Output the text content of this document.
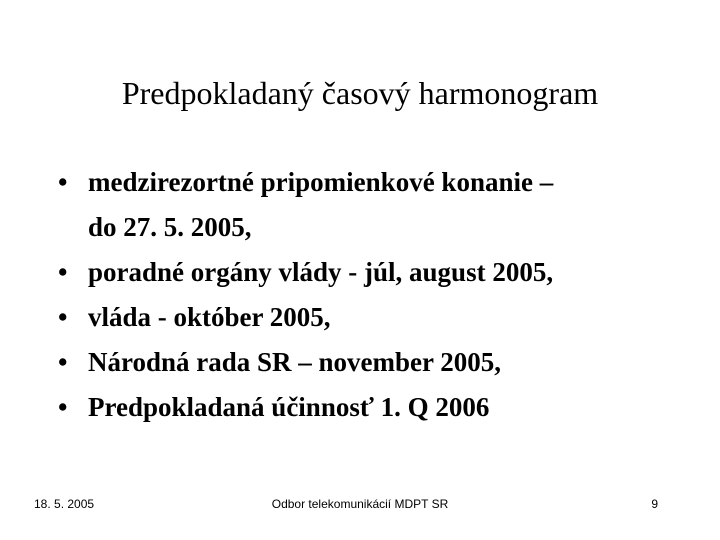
Predpokladaný časový harmonogram
• medzirezortné pripomienkové konanie –
do 27. 5. 2005,
• poradné orgány vlády - júl, august 2005,
• vláda - október 2005,
• Národná rada SR – november 2005,
• Predpokladaná účinnosť 1. Q 2006
18. 5. 2005	Odbor telekomunikácií MDPT SR	9
